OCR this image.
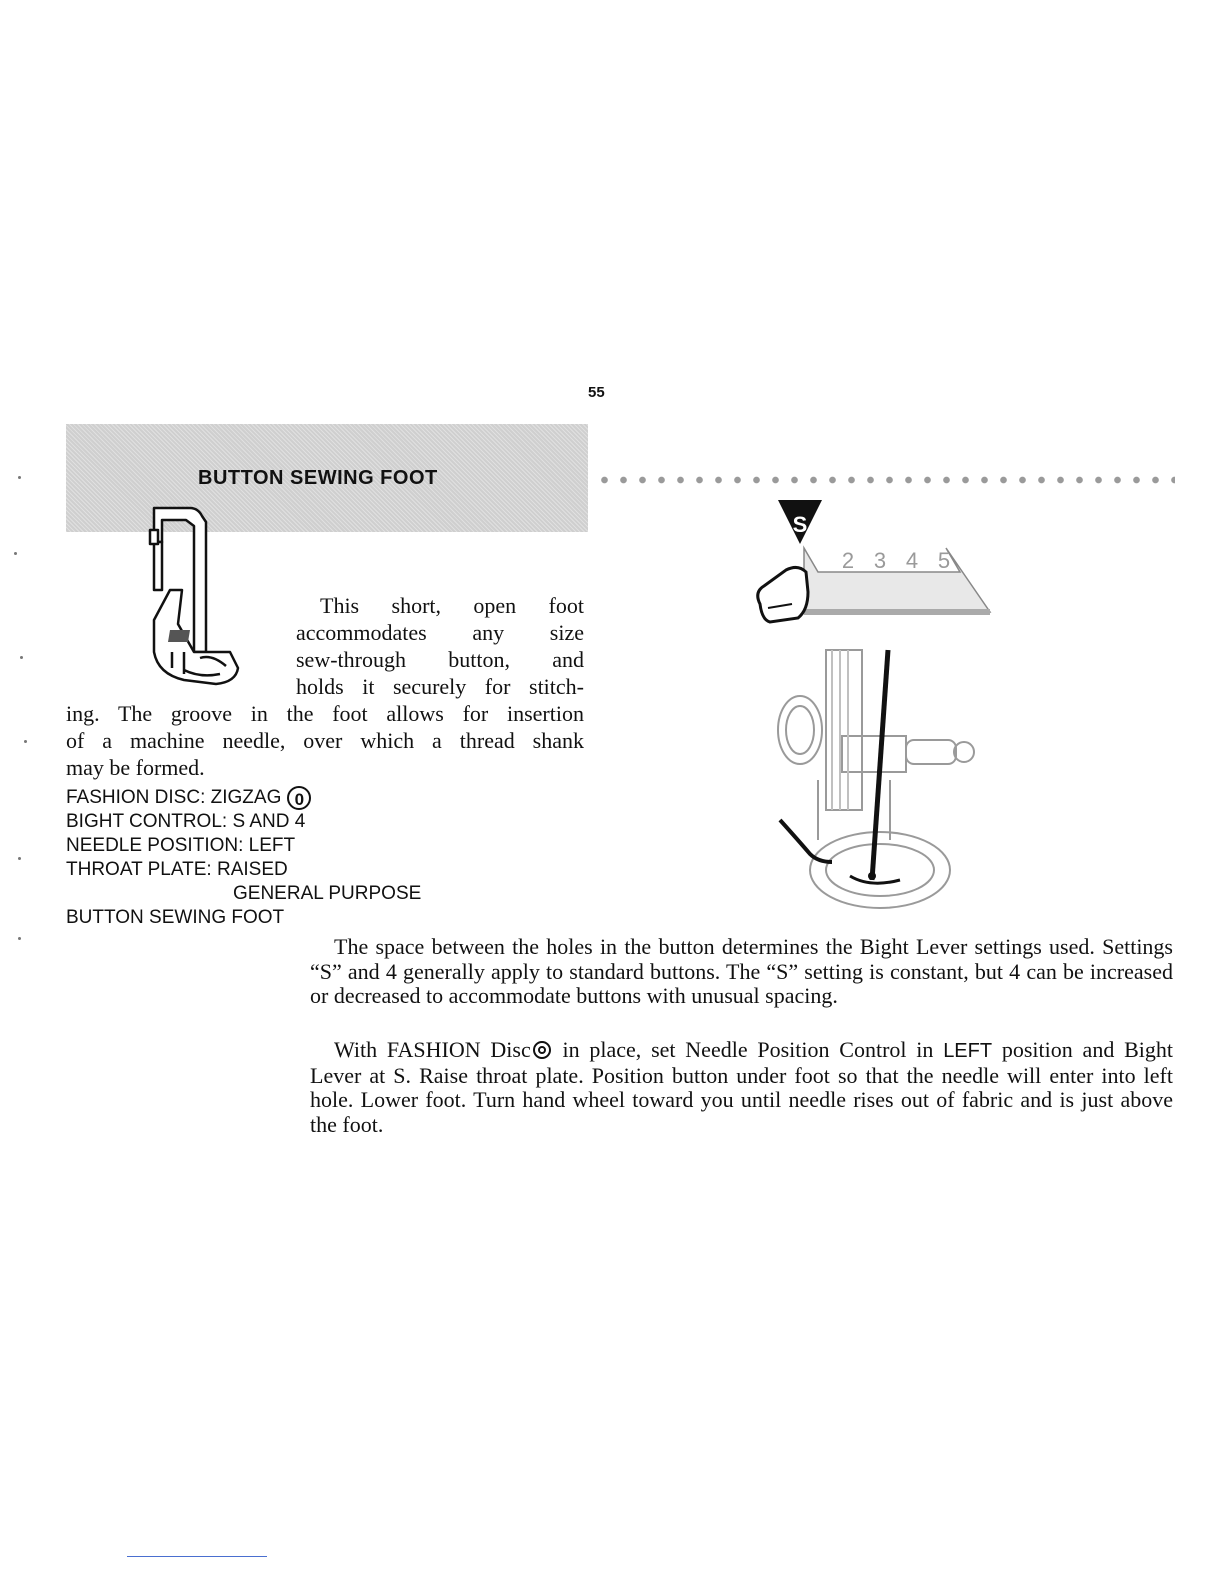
55
BUTTON SEWING FOOT
This short, open foot
accommodates any size
sew-through button, and
holds it securely for stitch-
ing. The groove in the foot allows for insertion
of a machine needle, over which a thread shank
may be formed.
FASHION DISC: ZIGZAG 0
BIGHT CONTROL: S AND 4
NEEDLE POSITION: LEFT
THROAT PLATE: RAISED
GENERAL PURPOSE
BUTTON SEWING FOOT
S
2 3 4 5
The space between the holes in the button determines the Bight Lever settings used. Settings “S” and 4 generally apply to standard buttons. The “S” setting is constant, but 4 can be increased or decreased to accommodate buttons with unusual spacing.
With FASHION Disc in place, set Needle Position Control in LEFT position and Bight Lever at S. Raise throat plate. Position button under foot so that the needle will enter into left hole. Lower foot. Turn hand wheel toward you until needle rises out of fabric and is just above the foot.
